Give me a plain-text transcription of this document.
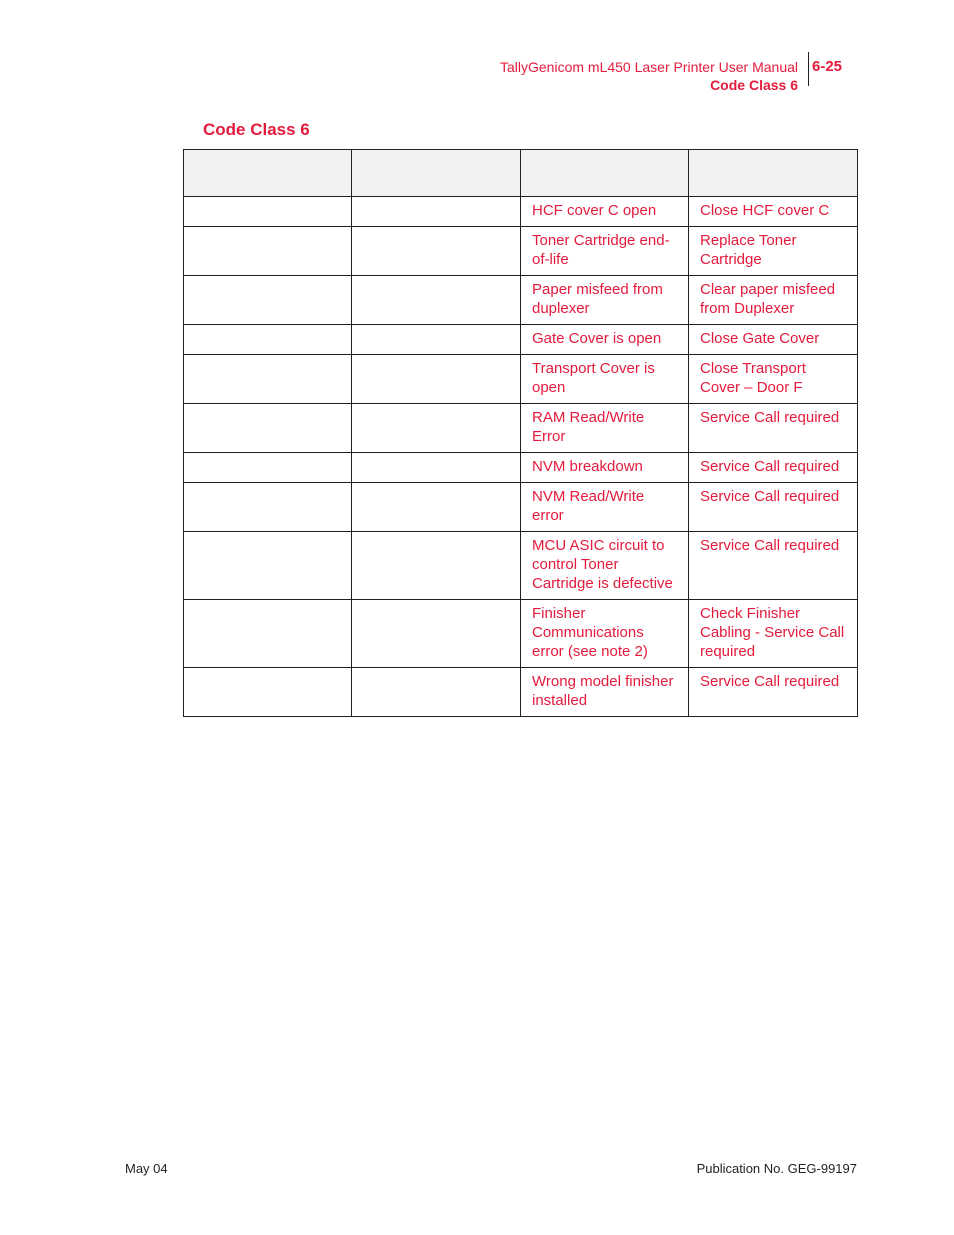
TallyGenicom mL450 Laser Printer User Manual
Code Class 6
6-25
Code Class 6

		HCF cover C open	Close HCF cover C
		Toner Cartridge end-of-life	Replace Toner Cartridge
		Paper misfeed from duplexer	Clear paper misfeed from Duplexer
		Gate Cover is open	Close Gate Cover
		Transport Cover is open	Close Transport Cover – Door F
		RAM Read/Write Error	Service Call required
		NVM breakdown	Service Call required
		NVM Read/Write error	Service Call required
		MCU ASIC circuit to control Toner Cartridge is defective	Service Call required
		Finisher Communications error (see note 2)	Check Finisher Cabling - Service Call required
		Wrong model finisher installed	Service Call required
May 04	Publication No. GEG-99197
